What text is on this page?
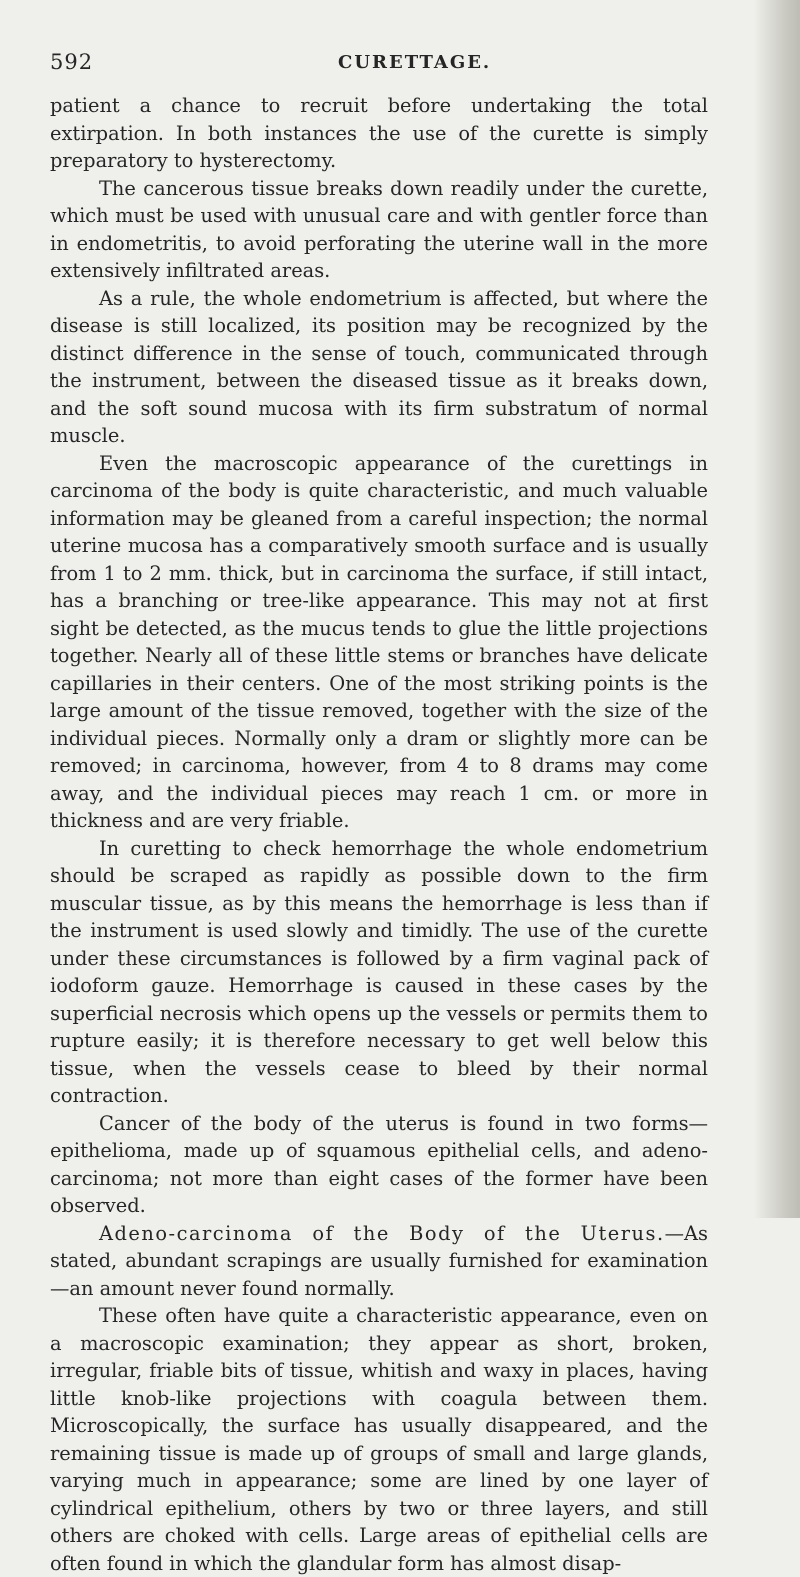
592	CURETTAGE.

patient a chance to recruit before undertaking the total extirpation. In both instances the use of the curette is simply preparatory to hysterectomy.

The cancerous tissue breaks down readily under the curette, which must be used with unusual care and with gentler force than in endometritis, to avoid perforating the uterine wall in the more extensively infiltrated areas.

As a rule, the whole endometrium is affected, but where the disease is still localized, its position may be recognized by the distinct difference in the sense of touch, communicated through the instrument, between the diseased tissue as it breaks down, and the soft sound mucosa with its firm substratum of normal muscle.

Even the macroscopic appearance of the curettings in carcinoma of the body is quite characteristic, and much valuable information may be gleaned from a careful inspection; the normal uterine mucosa has a comparatively smooth surface and is usually from 1 to 2 mm. thick, but in carcinoma the surface, if still intact, has a branching or tree-like appearance. This may not at first sight be detected, as the mucus tends to glue the little projections together. Nearly all of these little stems or branches have delicate capillaries in their centers. One of the most striking points is the large amount of the tissue removed, together with the size of the individual pieces. Normally only a dram or slightly more can be removed; in carcinoma, however, from 4 to 8 drams may come away, and the individual pieces may reach 1 cm. or more in thickness and are very friable.

In curetting to check hemorrhage the whole endometrium should be scraped as rapidly as possible down to the firm muscular tissue, as by this means the hemorrhage is less than if the instrument is used slowly and timidly. The use of the curette under these circumstances is followed by a firm vaginal pack of iodoform gauze. Hemorrhage is caused in these cases by the superficial necrosis which opens up the vessels or permits them to rupture easily; it is therefore necessary to get well below this tissue, when the vessels cease to bleed by their normal contraction.

Cancer of the body of the uterus is found in two forms—epithelioma, made up of squamous epithelial cells, and adeno-carcinoma; not more than eight cases of the former have been observed.

Adeno-carcinoma of the Body of the Uterus.—As stated, abundant scrapings are usually furnished for examination—an amount never found normally.

These often have quite a characteristic appearance, even on a macroscopic examination; they appear as short, broken, irregular, friable bits of tissue, whitish and waxy in places, having little knob-like projections with coagula between them. Microscopically, the surface has usually disappeared, and the remaining tissue is made up of groups of small and large glands, varying much in appearance; some are lined by one layer of cylindrical epithelium, others by two or three layers, and still others are choked with cells. Large areas of epithelial cells are often found in which the glandular form has almost disap-
